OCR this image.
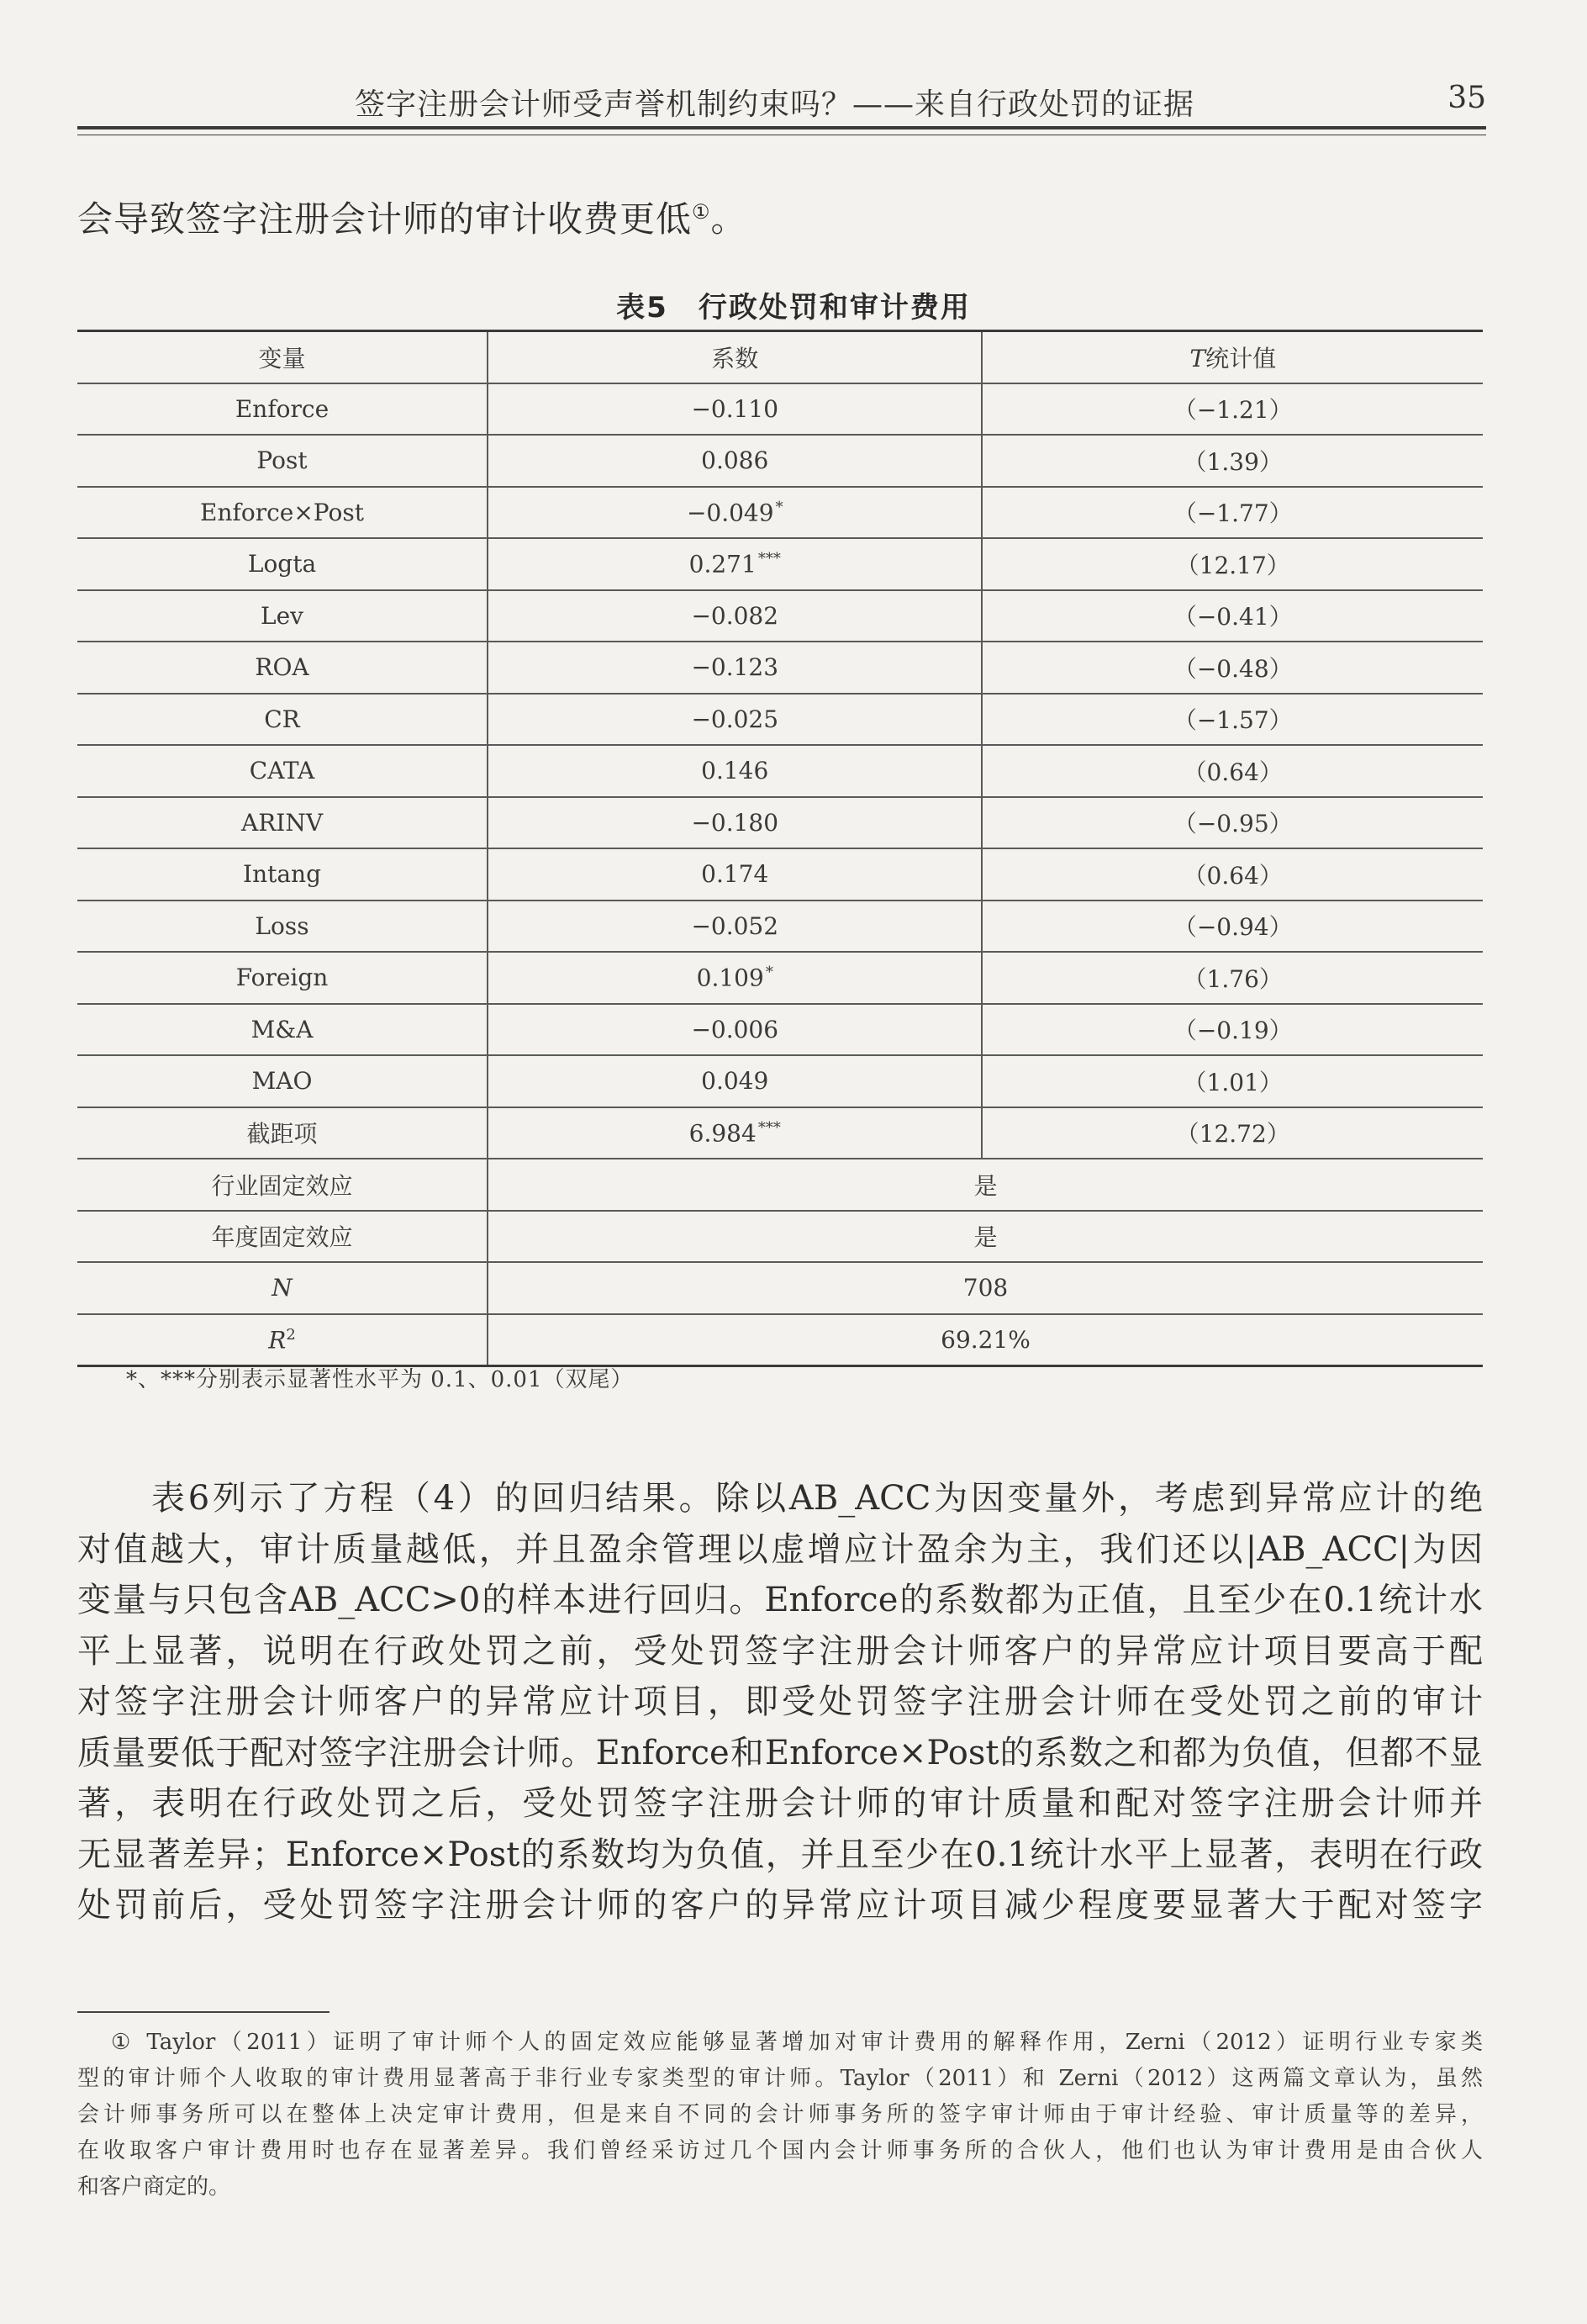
签字注册会计师受声誉机制约束吗？——来自行政处罚的证据	35
会导致签字注册会计师的审计收费更低①。
表5　行政处罚和审计费用
变量	系数	T统计值
Enforce	−0.110	（−1.21）
Post	0.086	（1.39）
Enforce×Post	−0.049 *	（−1.77）
Logta	0.271 ***	（12.17）
Lev	−0.082	（−0.41）
ROA	−0.123	（−0.48）
CR	−0.025	（−1.57）
CATA	0.146	（0.64）
ARINV	−0.180	（−0.95）
Intang	0.174	（0.64）
Loss	−0.052	（−0.94）
Foreign	0.109 *	（1.76）
M&A	−0.006	（−0.19）
MAO	0.049	（1.01）
截距项	6.984 ***	（12.72）
行业固定效应	是	
年度固定效应	是	
N	708	
$R^2$	69.21%	
*、***分别表示显著性水平为 0.1、0.01（双尾）
表6列示了方程（4）的回归结果。除以AB_ACC为因变量外，考虑到异常应计的绝
对值越大，审计质量越低，并且盈余管理以虚增应计盈余为主，我们还以|AB_ACC|为因
变量与只包含AB_ACC>0的样本进行回归。Enforce的系数都为正值，且至少在0.1统计水
平上显著，说明在行政处罚之前，受处罚签字注册会计师客户的异常应计项目要高于配
对签字注册会计师客户的异常应计项目，即受处罚签字注册会计师在受处罚之前的审计
质量要低于配对签字注册会计师。Enforce和Enforce×Post的系数之和都为负值，但都不显
著，表明在行政处罚之后，受处罚签字注册会计师的审计质量和配对签字注册会计师并
无显著差异；Enforce×Post的系数均为负值，并且至少在0.1统计水平上显著，表明在行政
处罚前后，受处罚签字注册会计师的客户的异常应计项目减少程度要显著大于配对签字
① Taylor（2011）证明了审计师个人的固定效应能够显著增加对审计费用的解释作用，Zerni（2012）证明行业专家类
型的审计师个人收取的审计费用显著高于非行业专家类型的审计师。Taylor（2011）和 Zerni（2012）这两篇文章认为，虽然
会计师事务所可以在整体上决定审计费用，但是来自不同的会计师事务所的签字审计师由于审计经验、审计质量等的差异，
在收取客户审计费用时也存在显著差异。我们曾经采访过几个国内会计师事务所的合伙人，他们也认为审计费用是由合伙人
和客户商定的。
